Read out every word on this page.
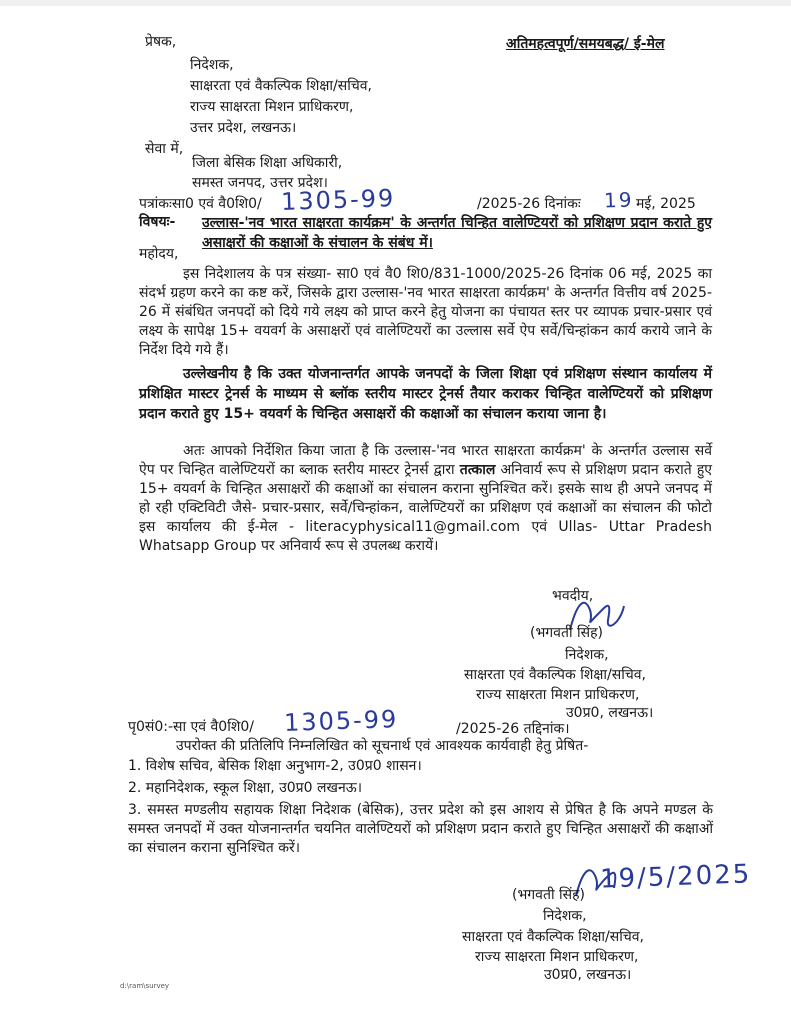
प्रेषक,	अतिमहत्वपूर्ण/समयबद्ध/ ई-मेल
निदेशक,
साक्षरता एवं वैकल्पिक शिक्षा/सचिव,
राज्य साक्षरता मिशन प्राधिकरण,
उत्तर प्रदेश, लखनऊ।
सेवा में,
जिला बेसिक शिक्षा अधिकारी,
समस्त जनपद, उत्तर प्रदेश।
पत्रांकःसा0 एवं वै0शि0/ 1305-99	/2025-26 दिनांकः 19 मई, 2025
विषयः- उल्लास-'नव भारत साक्षरता कार्यक्रम' के अन्तर्गत चिन्हित वालेण्टियरों को प्रशिक्षण प्रदान कराते हुए असाक्षरों की कक्षाओं के संचालन के संबंध में।
महोदय,
इस निदेशालय के पत्र संख्या- सा0 एवं वै0 शि0/831-1000/2025-26 दिनांक 06 मई, 2025 का संदर्भ ग्रहण करने का कष्ट करें, जिसके द्वारा उल्लास-'नव भारत साक्षरता कार्यक्रम' के अन्तर्गत वित्तीय वर्ष 2025-26 में संबंधित जनपदों को दिये गये लक्ष्य को प्राप्त करने हेतु योजना का पंचायत स्तर पर व्यापक प्रचार-प्रसार एवं लक्ष्य के सापेक्ष 15+ वयवर्ग के असाक्षरों एवं वालेण्टियरों का उल्लास सर्वे ऐप सर्वे/चिन्हांकन कार्य कराये जाने के निर्देश दिये गये हैं।
उल्लेखनीय है कि उक्त योजनान्तर्गत आपके जनपदों के जिला शिक्षा एवं प्रशिक्षण संस्थान कार्यालय में प्रशिक्षित मास्टर ट्रेनर्स के माध्यम से ब्लॉक स्तरीय मास्टर ट्रेनर्स तैयार कराकर चिन्हित वालेण्टियरों को प्रशिक्षण प्रदान कराते हुए 15+ वयवर्ग के चिन्हित असाक्षरों की कक्षाओं का संचालन कराया जाना है।
अतः आपको निर्देशित किया जाता है कि उल्लास-'नव भारत साक्षरता कार्यक्रम' के अन्तर्गत उल्लास सर्वे ऐप पर चिन्हित वालेण्टियरों का ब्लाक स्तरीय मास्टर ट्रेनर्स द्वारा तत्काल अनिवार्य रूप से प्रशिक्षण प्रदान कराते हुए 15+ वयवर्ग के चिन्हित असाक्षरों की कक्षाओं का संचालन कराना सुनिश्चित करें। इसके साथ ही अपने जनपद में हो रही एक्टिविटी जैसे- प्रचार-प्रसार, सर्वे/चिन्हांकन, वालेण्टियरों का प्रशिक्षण एवं कक्षाओं का संचालन की फोटो इस कार्यालय की ई-मेल - literacyphysical11@gmail.com एवं Ullas- Uttar Pradesh Whatsapp Group पर अनिवार्य रूप से उपलब्ध करायें।
भवदीय,
(भगवती सिंह)
निदेशक,
साक्षरता एवं वैकल्पिक शिक्षा/सचिव,
राज्य साक्षरता मिशन प्राधिकरण,
उ0प्र0, लखनऊ।
पृ0सं0:-सा एवं वै0शि0/ 1305-99	/2025-26 तद्दिनांक।
उपरोक्त की प्रतिलिपि निम्नलिखित को सूचनार्थ एवं आवश्यक कार्यवाही हेतु प्रेषित-
1. विशेष सचिव, बेसिक शिक्षा अनुभाग-2, उ0प्र0 शासन।
2. महानिदेशक, स्कूल शिक्षा, उ0प्र0 लखनऊ।
3. समस्त मण्डलीय सहायक शिक्षा निदेशक (बेसिक), उत्तर प्रदेश को इस आशय से प्रेषित है कि अपने मण्डल के समस्त जनपदों में उक्त योजनान्तर्गत चयनित वालेण्टियरों को प्रशिक्षण प्रदान कराते हुए चिन्हित असाक्षरों की कक्षाओं का संचालन कराना सुनिश्चित करें।
19/5/2025
(भगवती सिंह)
निदेशक,
साक्षरता एवं वैकल्पिक शिक्षा/सचिव,
राज्य साक्षरता मिशन प्राधिकरण,
उ0प्र0, लखनऊ।
d:\ram\survey
